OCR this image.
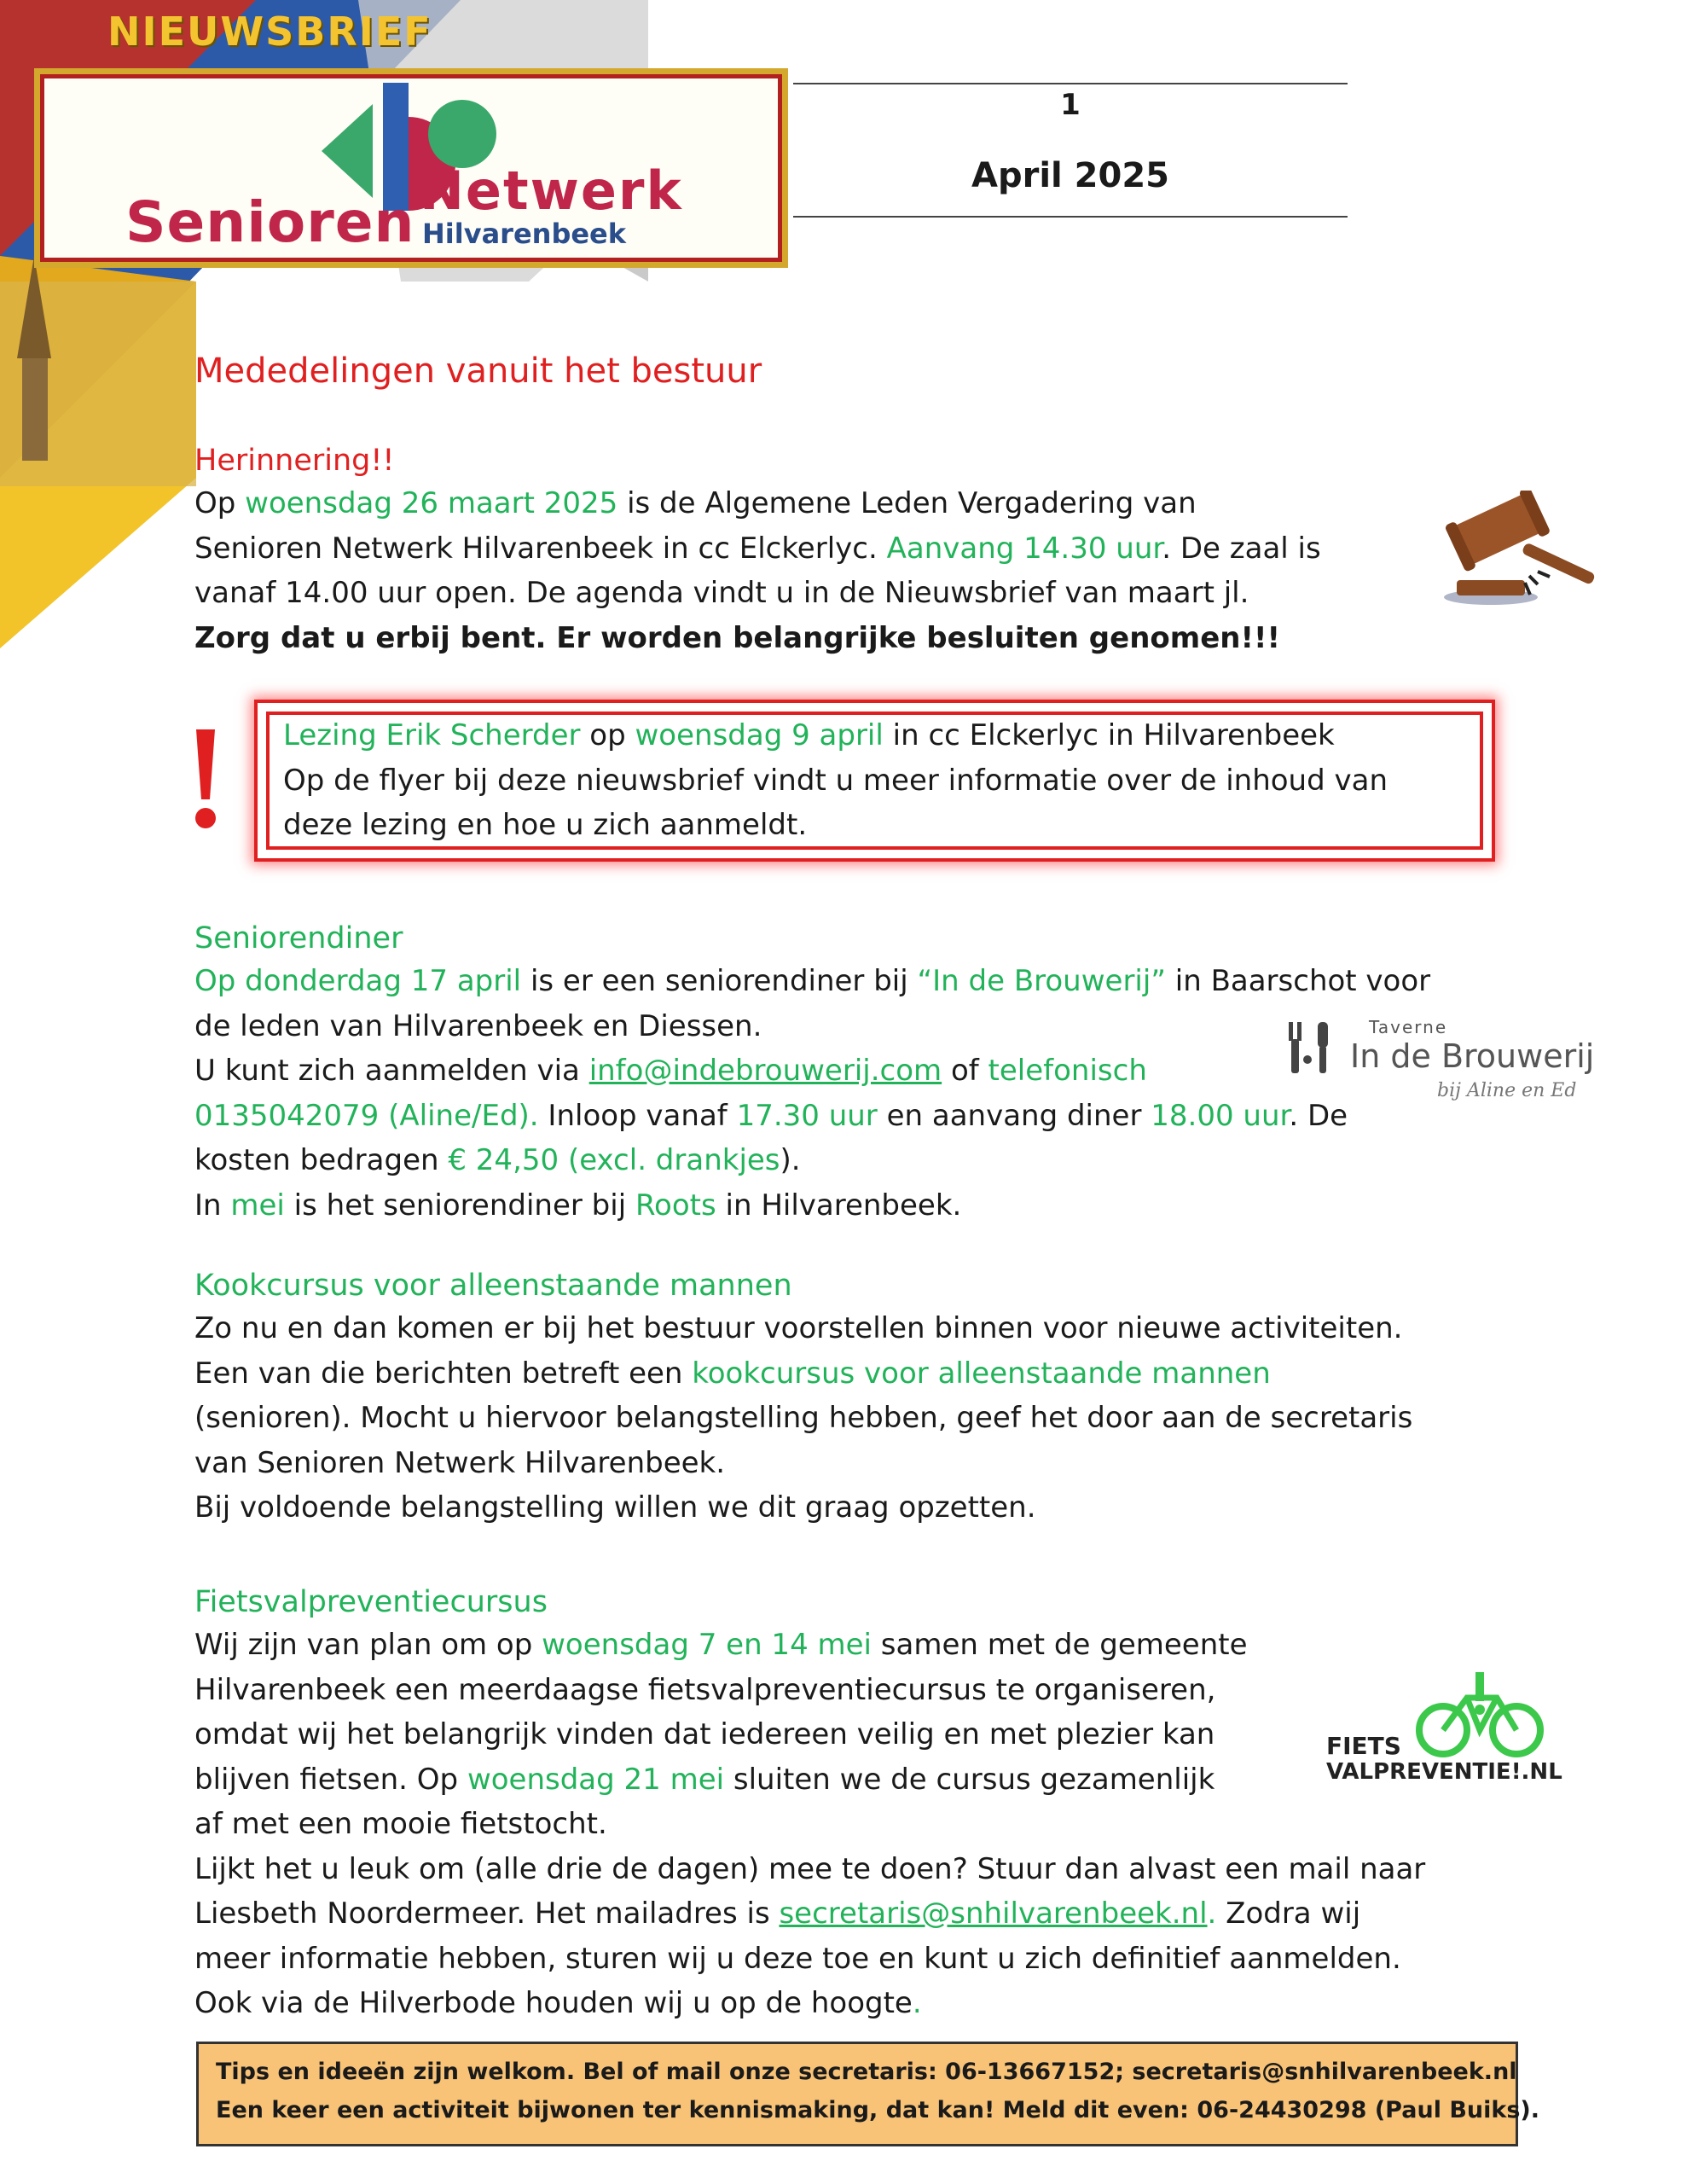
NIEUWSBRIEF
Senioren Netwerk
Hilvarenbeek
1
April 2025
Mededelingen vanuit het bestuur
Herinnering!!

Op woensdag 26 maart 2025 is de Algemene Leden Vergadering van

Senioren Netwerk Hilvarenbeek in cc Elckerlyc. Aanvang 14.30 uur. De zaal is

vanaf 14.00 uur open. De agenda vindt u in de Nieuwsbrief van maart jl.

Zorg dat u erbij bent. Er worden belangrijke besluiten genomen!!!

Lezing Erik Scherder op woensdag 9 april in cc Elckerlyc in Hilvarenbeek

Op de flyer bij deze nieuwsbrief vindt u meer informatie over de inhoud van

deze lezing en hoe u zich aanmeldt.

Seniorendiner

Op donderdag 17 april is er een seniorendiner bij “In de Brouwerij” in Baarschot voor

de leden van Hilvarenbeek en Diessen.

U kunt zich aanmelden via info@indebrouwerij.com of telefonisch

0135042079 (Aline/Ed). Inloop vanaf 17.30 uur en aanvang diner 18.00 uur. De

kosten bedragen € 24,50 (excl. drankjes).

In mei is het seniorendiner bij Roots in Hilvarenbeek.

Taverne
In de Brouwerij
bij Aline en Ed
Kookcursus voor alleenstaande mannen

Zo nu en dan komen er bij het bestuur voorstellen binnen voor nieuwe activiteiten.

Een van die berichten betreft een kookcursus voor alleenstaande mannen

(senioren). Mocht u hiervoor belangstelling hebben, geef het door aan de secretaris

van Senioren Netwerk Hilvarenbeek.

Bij voldoende belangstelling willen we dit graag opzetten.

Fietsvalpreventiecursus

Wij zijn van plan om op woensdag 7 en 14 mei samen met de gemeente

Hilvarenbeek een meerdaagse fietsvalpreventiecursus te organiseren,

omdat wij het belangrijk vinden dat iedereen veilig en met plezier kan

blijven fietsen. Op woensdag 21 mei sluiten we de cursus gezamenlijk

af met een mooie fietstocht.

Lijkt het u leuk om (alle drie de dagen) mee te doen? Stuur dan alvast een mail naar

Liesbeth Noordermeer. Het mailadres is secretaris@snhilvarenbeek.nl. Zodra wij

meer informatie hebben, sturen wij u deze toe en kunt u zich definitief aanmelden.

Ook via de Hilverbode houden wij u op de hoogte.

FIETS
VALPREVENTIE!.NL

Tips en ideeën zijn welkom. Bel of mail onze secretaris: 06-13667152; secretaris@snhilvarenbeek.nl

Een keer een activiteit bijwonen ter kennismaking, dat kan! Meld dit even: 06-24430298 (Paul Buiks).
